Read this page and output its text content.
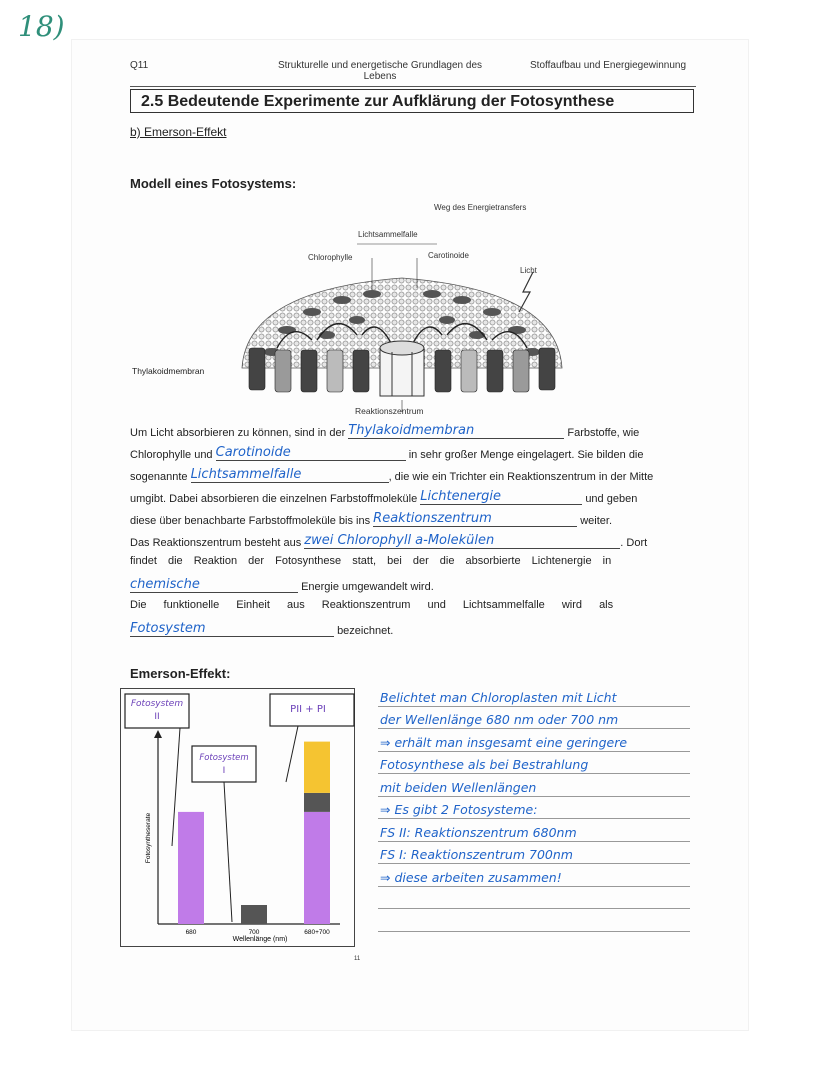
18)
Q11	Strukturelle und energetische Grundlagen des Lebens
Stoffaufbau und Energiegewinnung
2.5 Bedeutende Experimente zur Aufklärung der Fotosynthese
b) Emerson-Effekt
Modell eines Fotosystems:
Weg des Energietransfers
Lichtsammelfalle
Chlorophylle	Carotinoide
Licht
Thylakoidmembran
Reaktionszentrum
Um Licht absorbieren zu können, sind in der Thylakoidmembran	Farbstoffe, wie
Chlorophylle und Carotinoide	in sehr großer Menge eingelagert. Sie bilden die
sogenannte Lichtsammelfalle	, die wie ein Trichter ein Reaktionszentrum in der Mitte
umgibt. Dabei absorbieren die einzelnen Farbstoffmoleküle Lichtenergie	und geben
diese über benachbarte Farbstoffmoleküle bis ins Reaktionszentrum	weiter.
Das Reaktionszentrum besteht aus zwei Chlorophyll a-Molekülen	. Dort
findet die Reaktion der Fotosynthese statt, bei der die absorbierte Lichtenergie in
chemische	Energie umgewandelt wird.
Die funktionelle Einheit aus Reaktionszentrum und Lichtsammelfalle wird als
Fotosystem	bezeichnet.
Emerson-Effekt:
Fotosyntheserate
Wellenlänge (nm)
680	700	680+700
Fotosystem
II
Fotosystem
I
PII + PI
11
Belichtet man Chloroplasten mit Licht
der Wellenlänge 680 nm oder 700 nm
⇒ erhält man insgesamt eine geringere
Fotosynthese als bei Bestrahlung
mit beiden Wellenlängen
⇒ Es gibt 2 Fotosysteme:
FS II: Reaktionszentrum 680nm
FS I: Reaktionszentrum 700nm
⇒ diese arbeiten zusammen!
